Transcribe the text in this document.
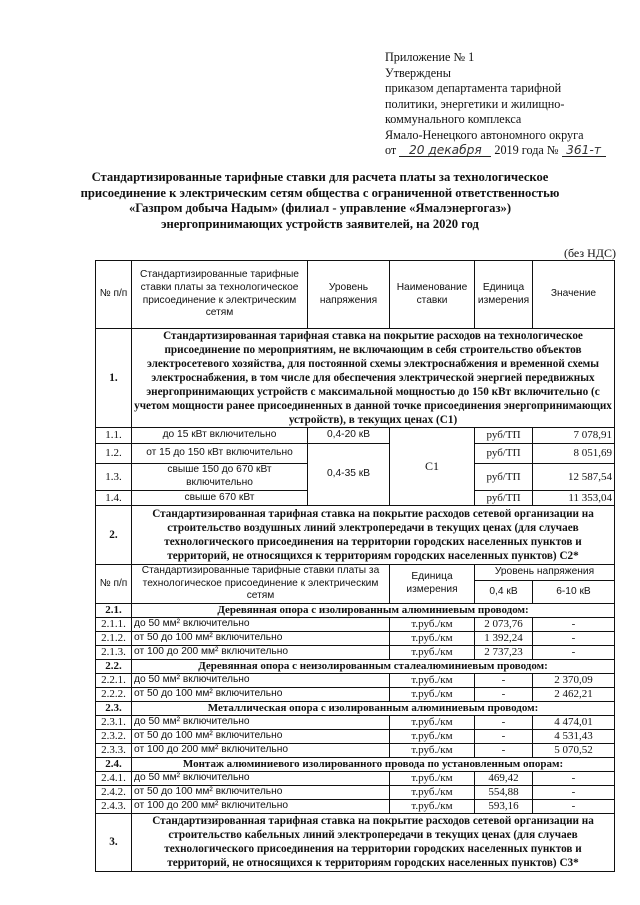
Приложение № 1
Утверждены
приказом департамента тарифной
политики, энергетики и жилищно-
коммунального комплекса
Ямало-Ненецкого автономного округа
от 20 декабря 2019 года № 361-т
Стандартизированные тарифные ставки для расчета платы за технологическое
присоединение к электрическим сетям общества с ограниченной ответственностью
«Газпром добыча Надым» (филиал - управление «Ямалэнергогаз»)
энергопринимающих устройств заявителей, на 2020 год
(без НДС)
№ п/п	Стандартизированные тарифные ставки платы за технологическое присоединение к электрическим сетям	Уровень напряжения	Наименование ставки	Единица измерения	Значение
1.	Стандартизированная тарифная ставка на покрытие расходов на технологическое присоединение по мероприятиям, не включающим в себя строительство объектов электросетевого хозяйства, для постоянной схемы электроснабжения и временной схемы электроснабжения, в том числе для обеспечения электрической энергией передвижных энергопринимающих устройств с максимальной мощностью до 150 кВт включительно (с учетом мощности ранее присоединенных в данной точке присоединения энергопринимающих устройств), в текущих ценах (С1)				
1.1.	до 15 кВт включительно	0,4-20 кВ	С1	руб/ТП	7 078,91
1.2.	от 15 до 150 кВт включительно	0,4-35 кВ		руб/ТП	8 051,69
1.3.	свыше 150 до 670 кВт включительно			руб/ТП	12 587,54
1.4.	свыше 670 кВт			руб/ТП	11 353,04
2.	Стандартизированная тарифная ставка на покрытие расходов сетевой организации на строительство воздушных линий электропередачи в текущих ценах (для случаев технологического присоединения на территории городских населенных пунктов и территорий, не относящихся к территориям городских населенных пунктов) С2*				
№ п/п	Стандартизированные тарифные ставки платы за технологическое присоединение к электрическим сетям		Единица измерения	Уровень напряжения	
				0,4 кВ	6-10 кВ
2.1.	Деревянная опора с изолированным алюминиевым проводом:				
2.1.1.	до 50 мм² включительно		т.руб./км	2 073,76	-
2.1.2.	от 50 до 100 мм² включительно		т.руб./км	1 392,24	-
2.1.3.	от 100 до 200 мм² включительно		т.руб./км	2 737,23	-
2.2.	Деревянная опора с неизолированным сталеалюминиевым проводом:				
2.2.1.	до 50 мм² включительно		т.руб./км	-	2 370,09
2.2.2.	от 50 до 100 мм² включительно		т.руб./км	-	2 462,21
2.3.	Металлическая опора с изолированным алюминиевым проводом:				
2.3.1.	до 50 мм² включительно		т.руб./км	-	4 474,01
2.3.2.	от 50 до 100 мм² включительно		т.руб./км	-	4 531,43
2.3.3.	от 100 до 200 мм² включительно		т.руб./км	-	5 070,52
2.4.	Монтаж алюминиевого изолированного провода по установленным опорам:				
2.4.1.	до 50 мм² включительно		т.руб./км	469,42	-
2.4.2.	от 50 до 100 мм² включительно		т.руб./км	554,88	-
2.4.3.	от 100 до 200 мм² включительно		т.руб./км	593,16	-
3.	Стандартизированная тарифная ставка на покрытие расходов сетевой организации на строительство кабельных линий электропередачи в текущих ценах (для случаев технологического присоединения на территории городских населенных пунктов и территорий, не относящихся к территориям городских населенных пунктов) С3*				
